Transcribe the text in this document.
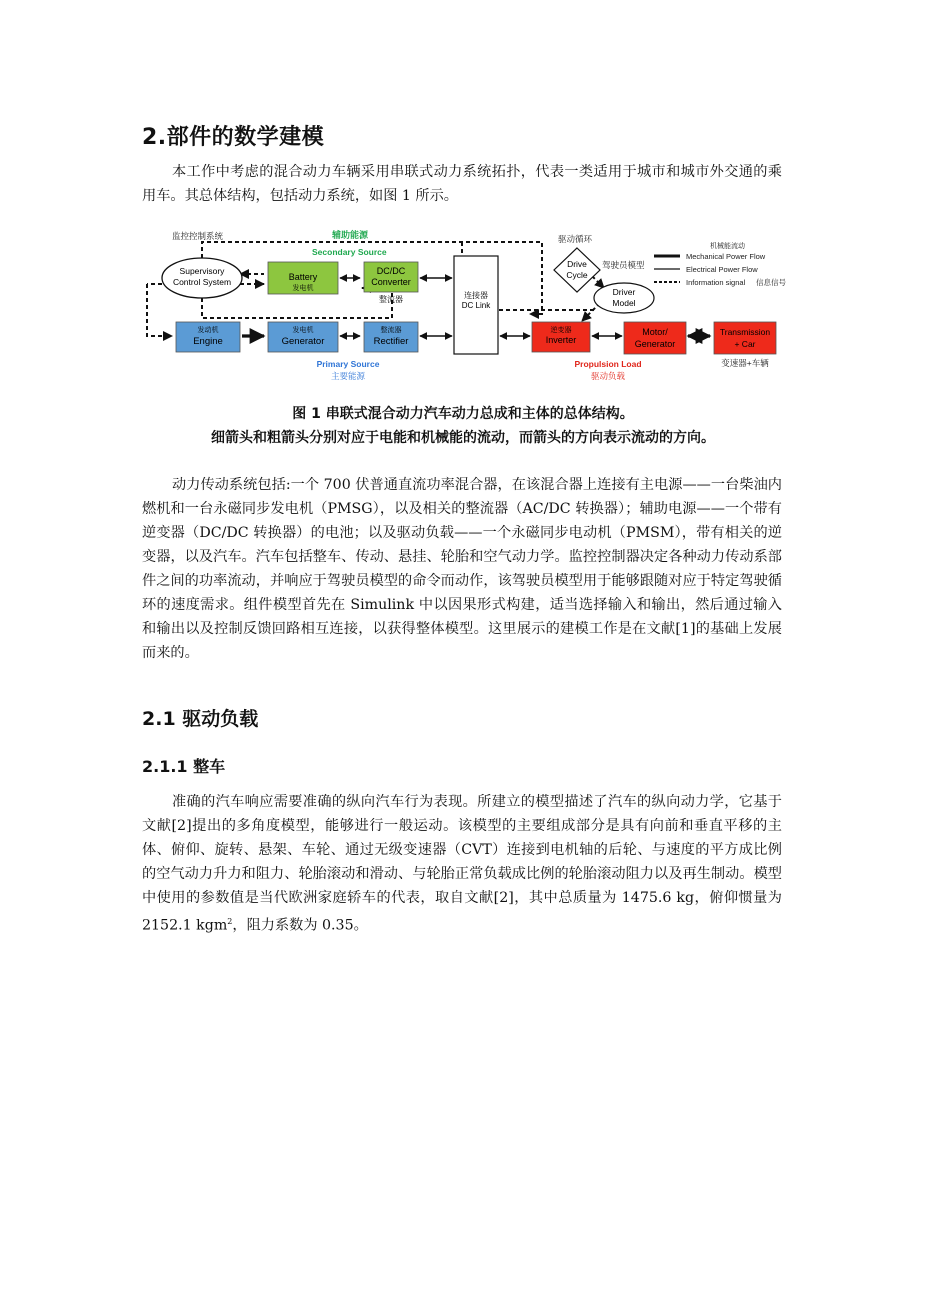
2.部件的数学建模

本工作中考虑的混合动力车辆采用串联式动力系统拓扑，代表一类适用于城市和城市外交通的乘用车。其总体结构，包括动力系统，如图 1 所示。

监控控制系统	辅助能源
Secondary Source
驱动循环
驾驶员模型
Supervisory
Control System	Battery
发电机
DC/DC
Converter
整流器	连接器
DC Link
Drive
Cycle
Driver
Model
机械能流动
Mechanical Power Flow
Electrical Power Flow
Information signal 信息信号
发动机
Engine
发电机
Generator
整流器
Rectifier
逆变器
Inverter
Motor/
Generator
Transmission
+ Car
变速器+车辆
Primary Source
主要能源
Propulsion Load
驱动负载

图 1 串联式混合动力汽车动力总成和主体的总体结构。

细箭头和粗箭头分别对应于电能和机械能的流动，而箭头的方向表示流动的方向。

动力传动系统包括:一个 700 伏普通直流功率混合器，在该混合器上连接有主电源——一台柴油内燃机和一台永磁同步发电机（PMSG），以及相关的整流器（AC/DC 转换器）；辅助电源——一个带有逆变器（DC/DC 转换器）的电池；以及驱动负载——一个永磁同步电动机（PMSM），带有相关的逆变器，以及汽车。汽车包括整车、传动、悬挂、轮胎和空气动力学。监控控制器决定各种动力传动系部件之间的功率流动，并响应于驾驶员模型的命令而动作，该驾驶员模型用于能够跟随对应于特定驾驶循环的速度需求。组件模型首先在 Simulink 中以因果形式构建，适当选择输入和输出，然后通过输入和输出以及控制反馈回路相互连接，以获得整体模型。这里展示的建模工作是在文献[1]的基础上发展而来的。

2.1 驱动负载
2.1.1 整车

准确的汽车响应需要准确的纵向汽车行为表现。所建立的模型描述了汽车的纵向动力学，它基于文献[2]提出的多角度模型，能够进行一般运动。该模型的主要组成部分是具有向前和垂直平移的主体、俯仰、旋转、悬架、车轮、通过无级变速器（CVT）连接到电机轴的后轮、与速度的平方成比例的空气动力升力和阻力、轮胎滚动和滑动、与轮胎正常负载成比例的轮胎滚动阻力以及再生制动。模型中使用的参数值是当代欧洲家庭轿车的代表，取自文献[2]，其中总质量为 1475.6 kg，俯仰惯量为 2152.1 kgm$^2$，阻力系数为 0.35。
